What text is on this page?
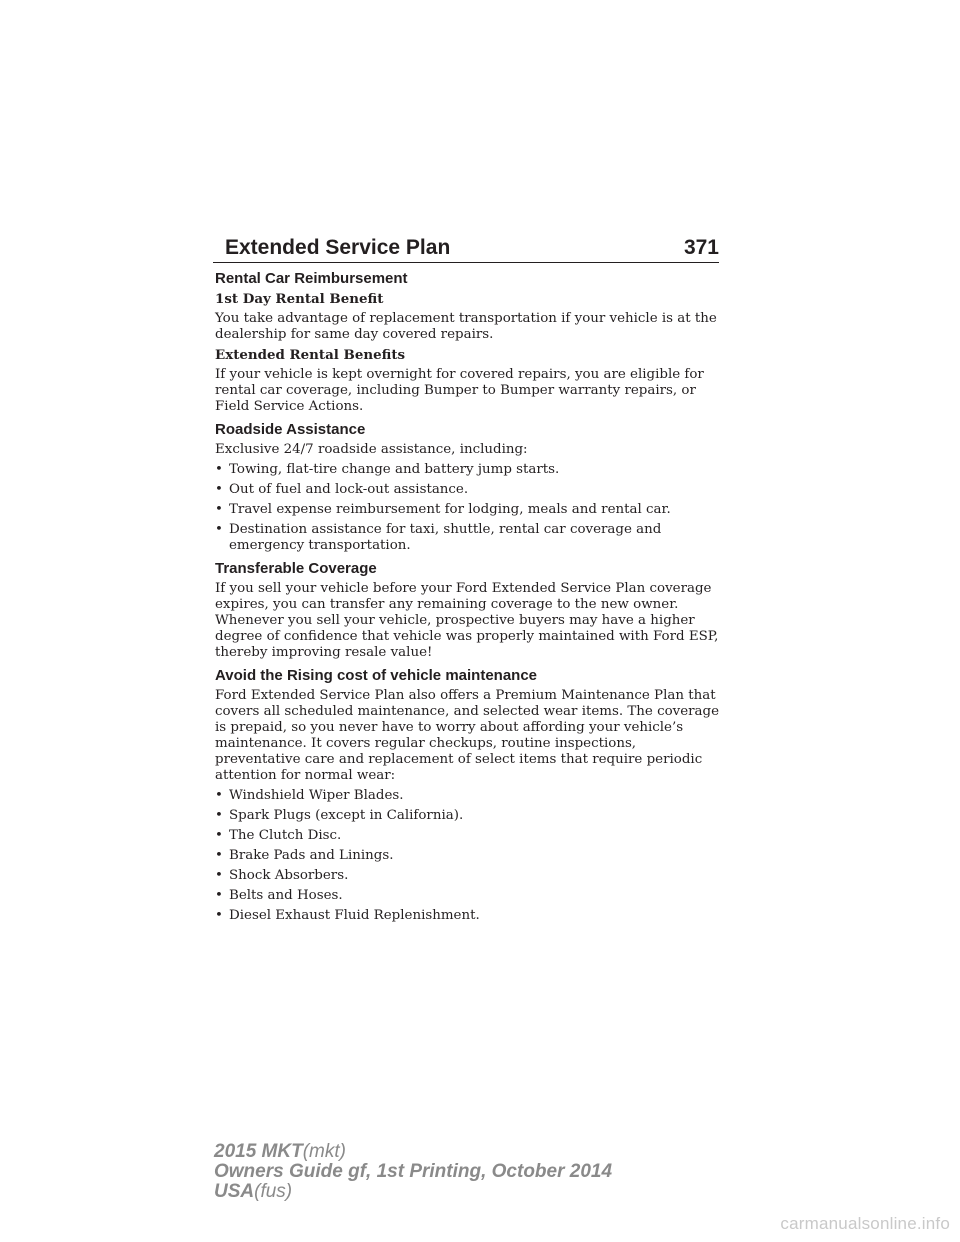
Extended Service Plan	371
Rental Car Reimbursement
1st Day Rental Benefit

You take advantage of replacement transportation if your vehicle is at the dealership for same day covered repairs.

Extended Rental Benefits

If your vehicle is kept overnight for covered repairs, you are eligible for rental car coverage, including Bumper to Bumper warranty repairs, or Field Service Actions.

Roadside Assistance

Exclusive 24/7 roadside assistance, including:

• Towing, flat-tire change and battery jump starts.
• Out of fuel and lock-out assistance.
• Travel expense reimbursement for lodging, meals and rental car.
• Destination assistance for taxi, shuttle, rental car coverage and emergency transportation.
Transferable Coverage

If you sell your vehicle before your Ford Extended Service Plan coverage expires, you can transfer any remaining coverage to the new owner. Whenever you sell your vehicle, prospective buyers may have a higher degree of confidence that vehicle was properly maintained with Ford ESP, thereby improving resale value!

Avoid the Rising cost of vehicle maintenance

Ford Extended Service Plan also offers a Premium Maintenance Plan that covers all scheduled maintenance, and selected wear items. The coverage is prepaid, so you never have to worry about affording your vehicle’s maintenance. It covers regular checkups, routine inspections, preventative care and replacement of select items that require periodic attention for normal wear:

• Windshield Wiper Blades.
• Spark Plugs (except in California).
• The Clutch Disc.
• Brake Pads and Linings.
• Shock Absorbers.
• Belts and Hoses.
• Diesel Exhaust Fluid Replenishment.
2015 MKT(mkt)
Owners Guide gf, 1st Printing, October 2014
USA(fus)
carmanualsonline.info
